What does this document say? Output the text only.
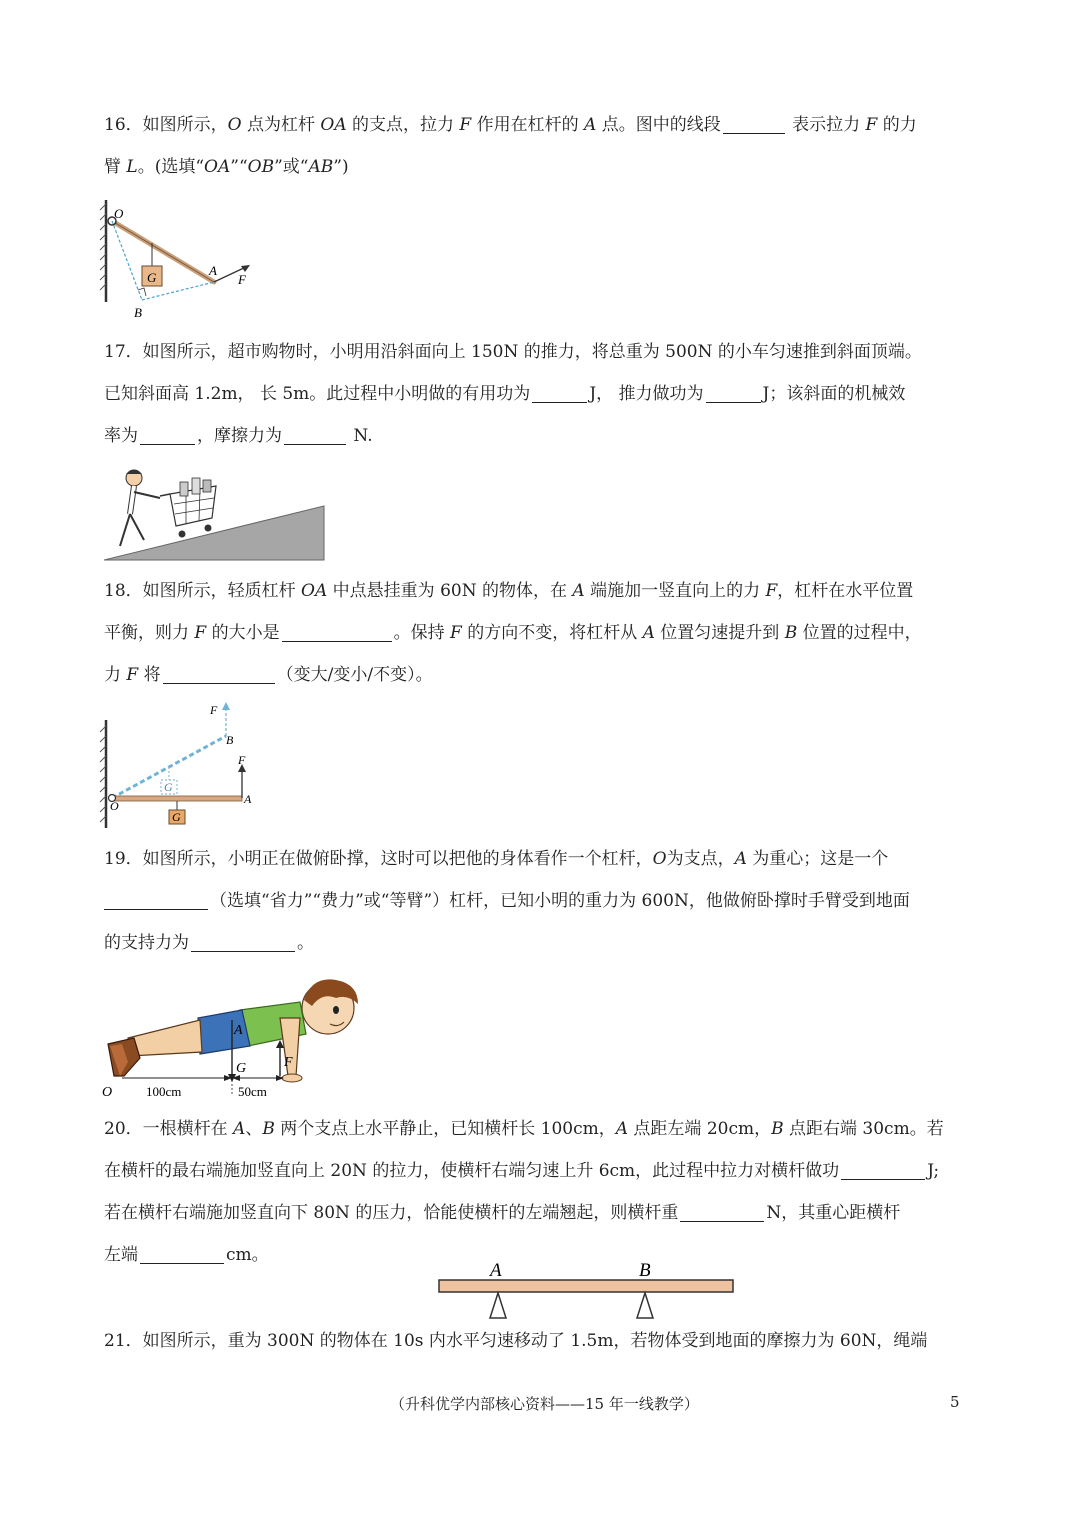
16．如图所示，O 点为杠杆 OA 的支点，拉力 F 作用在杠杆的 A 点。图中的线段	表示拉力 F 的力
臂 L。(选填“OA”“OB”或“AB”)
O
G	A
F
B
17．如图所示，超市购物时，小明用沿斜面向上 150N 的推力，将总重为 500N 的小车匀速推到斜面顶端。
已知斜面高 1.2m， 长 5m。此过程中小明做的有用功为	J， 推力做功为	J；该斜面的机械效
率为	，摩擦力为	N.
18．如图所示，轻质杠杆 OA 中点悬挂重为 60N 的物体，在 A 端施加一竖直向上的力 F，杠杆在水平位置
平衡，则力 F 的大小是	。保持 F 的方向不变，将杠杆从 A 位置匀速提升到 B 位置的过程中，
力 F 将	（变大/变小/不变）。
F
B
F
G
O	A
G
19．如图所示，小明正在做俯卧撑，这时可以把他的身体看作一个杠杆，O为支点，A 为重心；这是一个
（选填“省力”“费力”或“等臂”）杠杆，已知小明的重力为 600N，他做俯卧撑时手臂受到地面
的支持力为	。
A
G	F
O	100cm	50cm
20．一根横杆在 A、B 两个支点上水平静止，已知横杆长 100cm，A 点距左端 20cm，B 点距右端 30cm。若
在横杆的最右端施加竖直向上 20N 的拉力，使横杆右端匀速上升 6cm，此过程中拉力对横杆做功	J;
若在横杆右端施加竖直向下 80N 的压力，恰能使横杆的左端翘起，则横杆重	N，其重心距横杆
左端	cm。
A	B
21．如图所示，重为 300N 的物体在 10s 内水平匀速移动了 1.5m，若物体受到地面的摩擦力为 60N，绳端
（升科优学内部核心资料——15 年一线教学）	5
